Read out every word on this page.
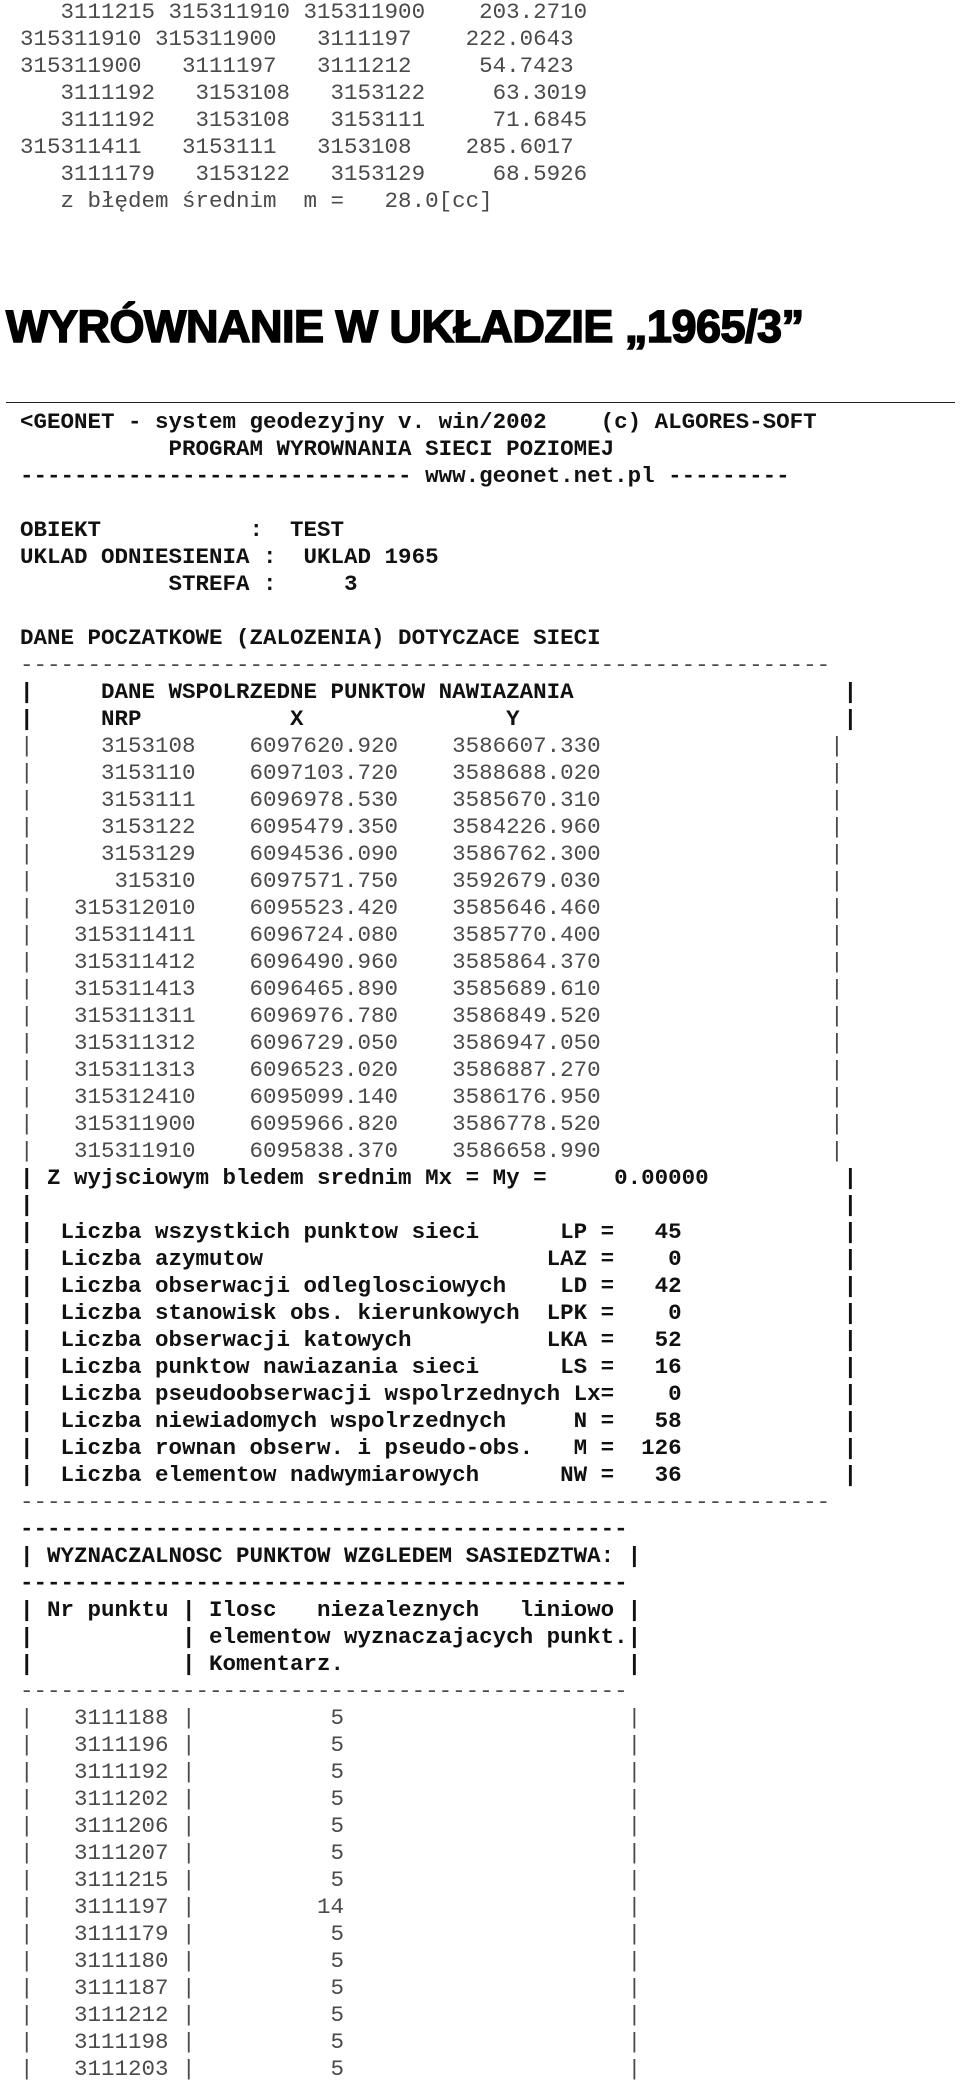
3111215 315311910 315311900    203.2710
315311910 315311900   3111197    222.0643
315311900   3111197   3111212     54.7423
3111192   3153108   3153122     63.3019
3111192   3153108   3153111     71.6845
315311411   3153111   3153108    285.6017
3111179   3153122   3153129     68.5926
z błędem średnim  m =   28.0[cc]
WYRÓWNANIE W UKŁADZIE „1965/3”
<GEONET - system geodezyjny v. win/2002    (c) ALGORES-SOFT
PROGRAM WYROWNANIA SIECI POZIOMEJ
----------------------------- www.geonet.net.pl ---------

OBIEKT           :  TEST
UKLAD ODNIESIENIA :  UKLAD 1965
STREFA :     3

DANE POCZATKOWE (ZALOZENIA) DOTYCZACE SIECI
------------------------------------------------------------
|     DANE WSPOLRZEDNE PUNKTOW NAWIAZANIA                    |
|     NRP           X               Y                        |
|     3153108    6097620.920    3586607.330                 |
|     3153110    6097103.720    3588688.020                 |
|     3153111    6096978.530    3585670.310                 |
|     3153122    6095479.350    3584226.960                 |
|     3153129    6094536.090    3586762.300                 |
|      315310    6097571.750    3592679.030                 |
|   315312010    6095523.420    3585646.460                 |
|   315311411    6096724.080    3585770.400                 |
|   315311412    6096490.960    3585864.370                 |
|   315311413    6096465.890    3585689.610                 |
|   315311311    6096976.780    3586849.520                 |
|   315311312    6096729.050    3586947.050                 |
|   315311313    6096523.020    3586887.270                 |
|   315312410    6095099.140    3586176.950                 |
|   315311900    6095966.820    3586778.520                 |
|   315311910    6095838.370    3586658.990                 |
| Z wyjsciowym bledem srednim Mx = My =     0.00000          |
|                                                            |
|  Liczba wszystkich punktow sieci      LP =   45            |
|  Liczba azymutow                     LAZ =    0            |
|  Liczba obserwacji odleglosciowych    LD =   42            |
|  Liczba stanowisk obs. kierunkowych  LPK =    0            |
|  Liczba obserwacji katowych          LKA =   52            |
|  Liczba punktow nawiazania sieci      LS =   16            |
|  Liczba pseudoobserwacji wspolrzednych Lx=    0            |
|  Liczba niewiadomych wspolrzednych     N =   58            |
|  Liczba rownan obserw. i pseudo-obs.   M =  126            |
|  Liczba elementow nadwymiarowych      NW =   36            |
------------------------------------------------------------
---------------------------------------------
| WYZNACZALNOSC PUNKTOW WZGLEDEM SASIEDZTWA: |
---------------------------------------------
| Nr punktu | Ilosc   niezaleznych   liniowo |
|           | elementow wyznaczajacych punkt.|
|           | Komentarz.                     |
---------------------------------------------
|   3111188 |          5                     |
|   3111196 |          5                     |
|   3111192 |          5                     |
|   3111202 |          5                     |
|   3111206 |          5                     |
|   3111207 |          5                     |
|   3111215 |          5                     |
|   3111197 |         14                     |
|   3111179 |          5                     |
|   3111180 |          5                     |
|   3111187 |          5                     |
|   3111212 |          5                     |
|   3111198 |          5                     |
|   3111203 |          5                     |
